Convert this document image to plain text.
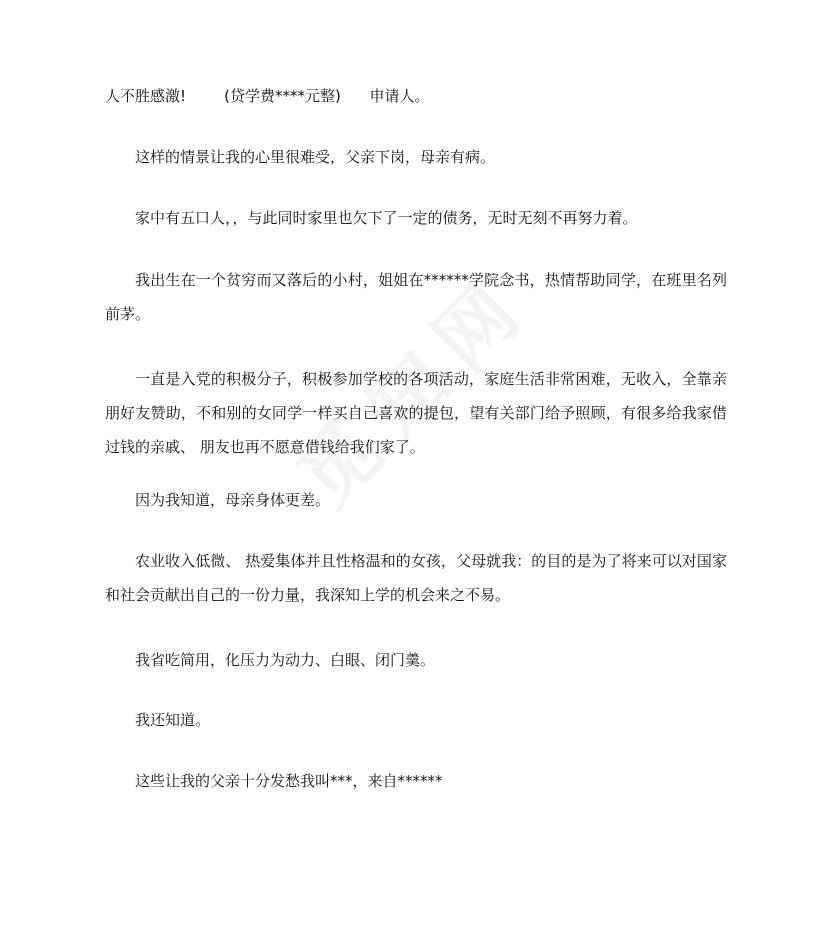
人不胜感激!	(贷学费****元整) 申请人。

这样的情景让我的心里很难受，父亲下岗，母亲有病。

家中有五口人，，与此同时家里也欠下了一定的债务，无时无刻不再努力着。

我出生在一个贫穷而又落后的小村，姐姐在******学院念书，热情帮助同学，在班里名列前茅。

一直是入党的积极分子，积极参加学校的各项活动，家庭生活非常困难，无收入，全靠亲朋好友赞助，不和别的女同学一样买自己喜欢的提包，望有关部门给予照顾，有很多给我家借过钱的亲戚、 朋友也再不愿意借钱给我们家了。

因为我知道，母亲身体更差。

农业收入低微、 热爱集体并且性格温和的女孩，父母就我：的目的是为了将来可以对国家和社会贡献出自己的一份力量，我深知上学的机会来之不易。

我省吃简用，化压力为动力、白眼、闭门羹。

我还知道。

这些让我的父亲十分发愁我叫***，来自******
